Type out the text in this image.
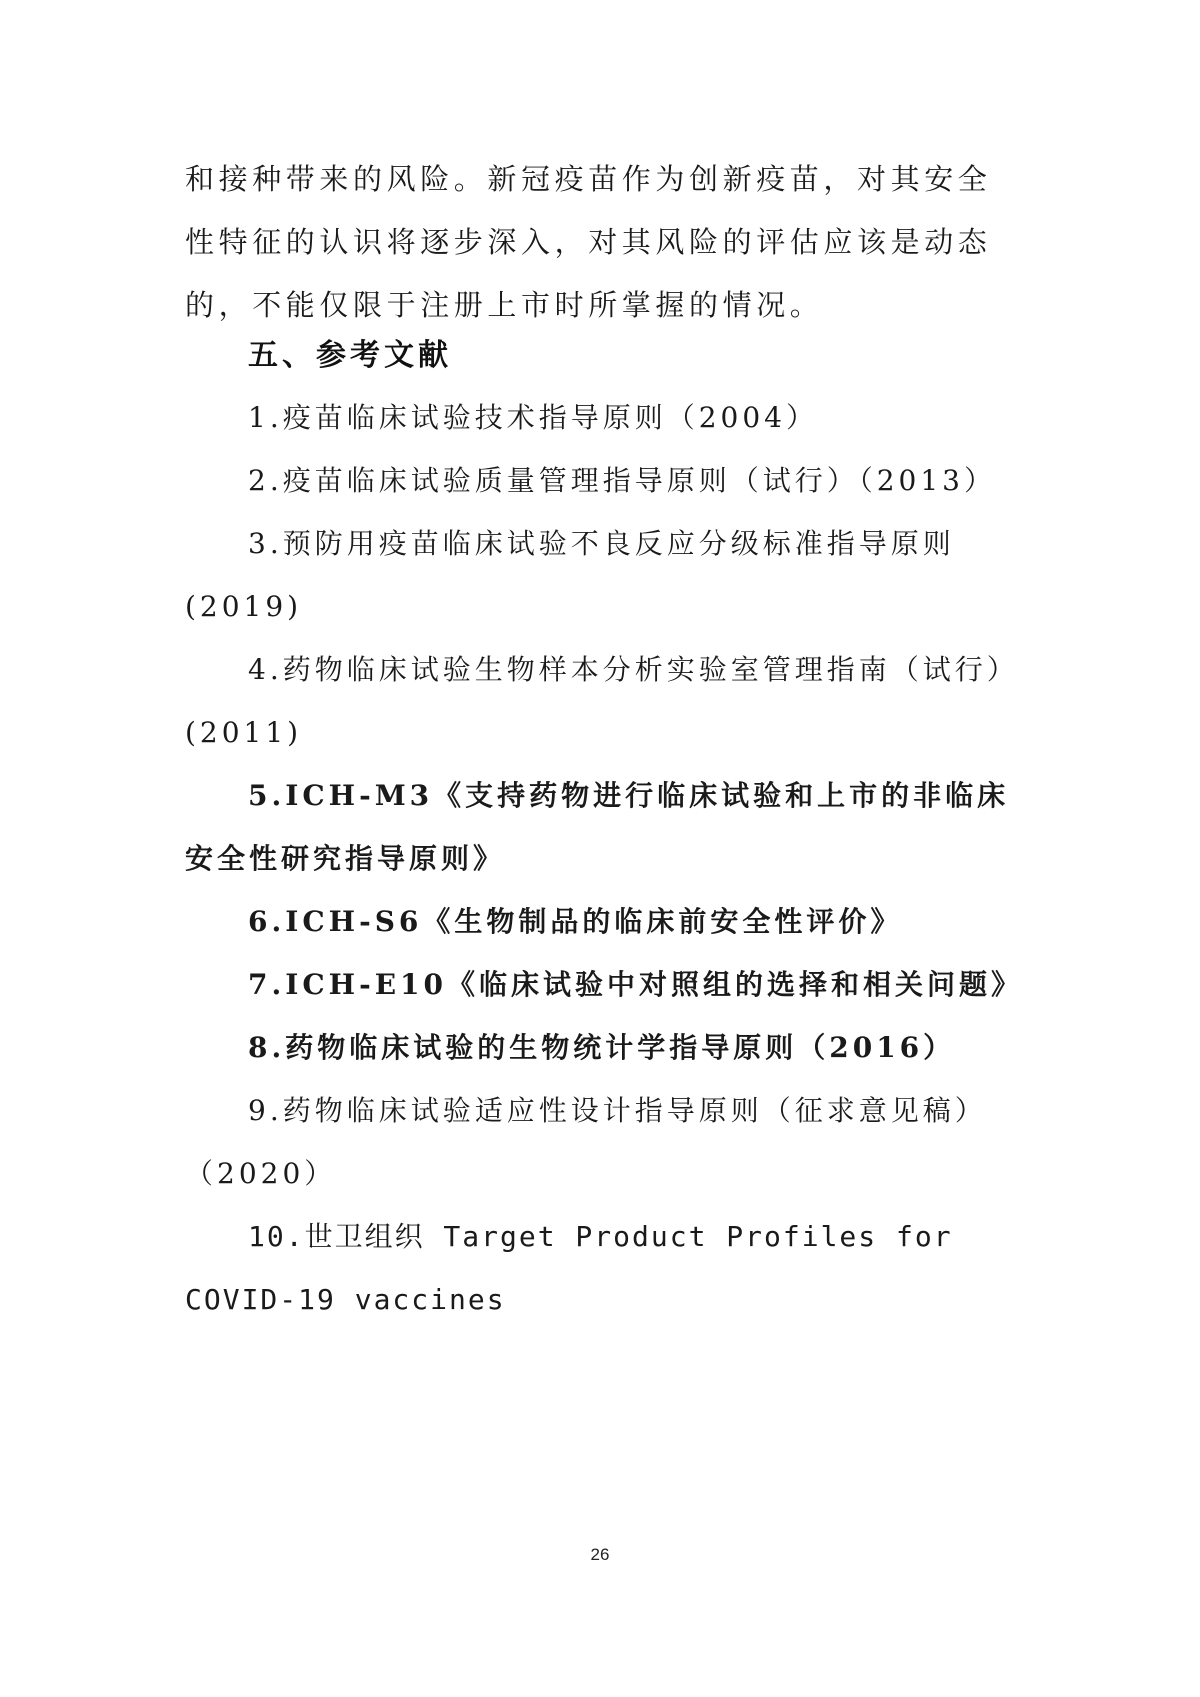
和接种带来的风险。新冠疫苗作为创新疫苗，对其安全性特征的认识将逐步深入，对其风险的评估应该是动态的，不能仅限于注册上市时所掌握的情况。
五、参考文献

1.疫苗临床试验技术指导原则（2004）

2.疫苗临床试验质量管理指导原则（试行）（2013）

3.预防用疫苗临床试验不良反应分级标准指导原则(2019)

4.药物临床试验生物样本分析实验室管理指南（试行）(2011)

5.ICH-M3《支持药物进行临床试验和上市的非临床安全性研究指导原则》

6.ICH-S6《生物制品的临床前安全性评价》

7.ICH-E10《临床试验中对照组的选择和相关问题》

8.药物临床试验的生物统计学指导原则（2016）

9.药物临床试验适应性设计指导原则（征求意见稿）（2020）

10.世卫组织 Target Product Profiles for COVID-19 vaccines

26
